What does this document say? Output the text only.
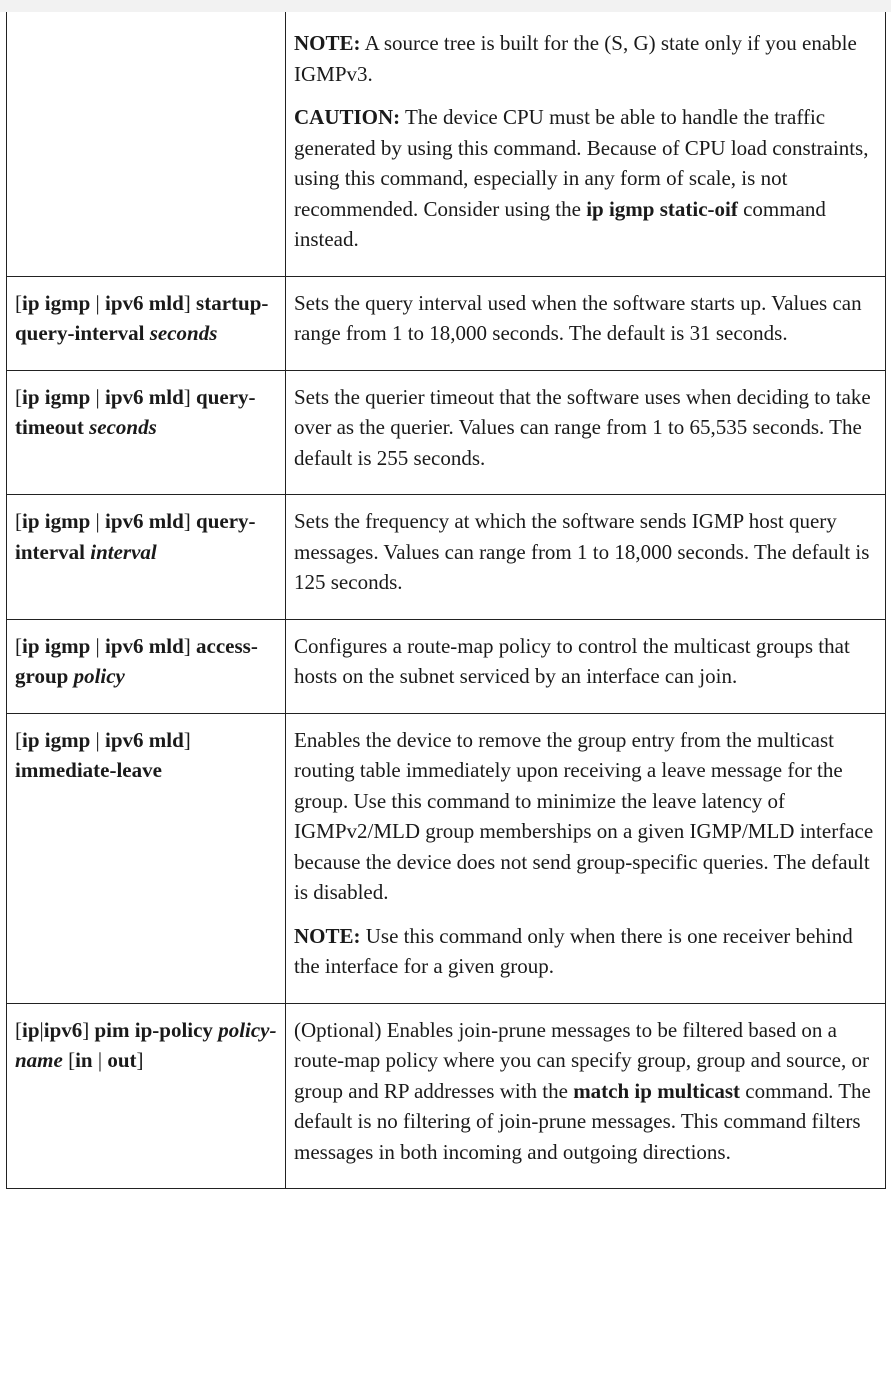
	NOTE: A source tree is built for the (S, G) state only if you enable IGMPv3.

CAUTION: The device CPU must be able to handle the traffic generated by using this command. Because of CPU load constraints, using this command, especially in any form of scale, is not recommended. Consider using the ip igmp static-oif command instead.

[ip igmp | ipv6 mld] startup-query-interval seconds	Sets the query interval used when the software starts up. Values can range from 1 to 18,000 seconds. The default is 31 seconds.

[ip igmp | ipv6 mld] query-timeout seconds	Sets the querier timeout that the software uses when deciding to take over as the querier. Values can range from 1 to 65,535 seconds. The default is 255 seconds.

[ip igmp | ipv6 mld] query-interval interval	Sets the frequency at which the software sends IGMP host query messages. Values can range from 1 to 18,000 seconds. The default is 125 seconds.

[ip igmp | ipv6 mld] access-group policy	Configures a route-map policy to control the multicast groups that hosts on the subnet serviced by an interface can join.

[ip igmp | ipv6 mld] immediate-leave	Enables the device to remove the group entry from the multicast routing table immediately upon receiving a leave message for the group. Use this command to minimize the leave latency of IGMPv2/MLD group memberships on a given IGMP/MLD interface because the device does not send group-specific queries. The default is disabled.

NOTE: Use this command only when there is one receiver behind the interface for a given group.

[ip|ipv6] pim ip-policy policy-name [in | out]	(Optional) Enables join-prune messages to be filtered based on a route-map policy where you can specify group, group and source, or group and RP addresses with the match ip multicast command. The default is no filtering of join-prune messages. This command filters messages in both incoming and outgoing directions.
